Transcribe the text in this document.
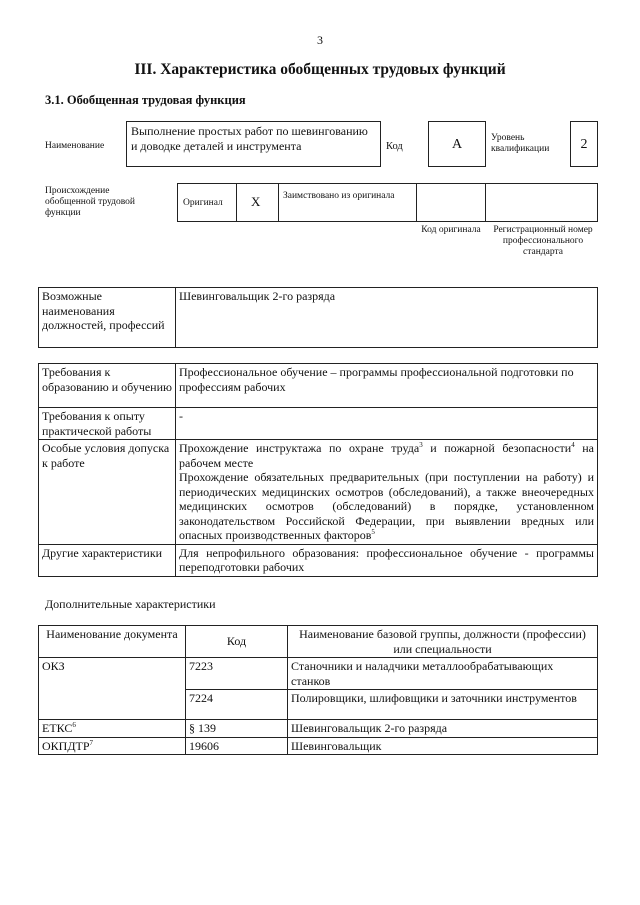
3
III. Характеристика обобщенных трудовых функций
3.1. Обобщенная трудовая функция
Наименование
Выполнение простых работ по шевингованию и доводке деталей и инструмента	Код	A	Уровень квалификации	2
Происхождение обобщенной трудовой функции
Оригинал X Заимствовано из оригинала
Код оригинала	Регистрационный номер профессионального стандарта
Возможные наименования должностей, профессий	Шевинговальщик 2-го разряда
Требования к образованию и обучению	Профессиональное обучение – программы профессиональной подготовки по профессиям рабочих
Требования к опыту практической работы	-
Особые условия допуска к работе	Прохождение инструктажа по охране труда$^3$ и пожарной безопасности$^4$ на рабочем месте
Прохождение обязательных предварительных (при поступлении на работу) и периодических медицинских осмотров (обследований), а также внеочередных медицинских осмотров (обследований) в порядке, установленном законодательством Российской Федерации, при выявлении вредных или опасных производственных факторов$^5$

Другие характеристики	Для непрофильного образования: профессиональное обучение - программы переподготовки рабочих
Дополнительные характеристики
Наименование документа	Код	Наименование базовой группы, должности (профессии) или специальности
ОКЗ	7223	Станочники и наладчики металлообрабатывающих станков
	7224	Полировщики, шлифовщики и заточники инструментов
ЕТКС$^6$	§ 139	Шевинговальщик 2-го разряда
ОКПДТР$^7$	19606	Шевинговальщик
